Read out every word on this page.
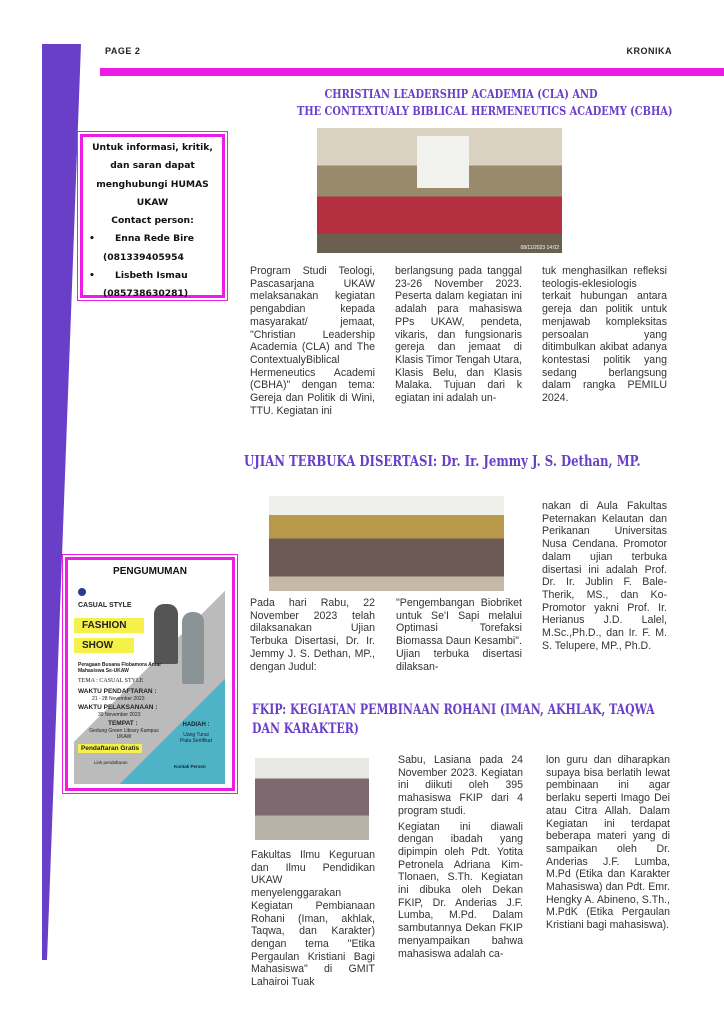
PAGE 2	KRONIKA
Untuk informasi, kritik,
dan saran dapat
menghubungi HUMAS
UKAW
Contact person:
• Enna Rede Bire
(081339405954
• Lisbeth Ismau
(085738630281)
PENGUMUMAN
CASUAL STYLE
FASHION
SHOW
Peragaan Busana Flobamora Antar Mahasiswa Se-UKAW
TEMA : CASUAL STYLE
WAKTU PENDAFTARAN :
21 - 28 November 2023
WAKTU PELAKSANAAN :
30 November 2023
TEMPAT :
Gedung Green Library Kampus UKAW
Pendaftaran Gratis
Link pendaftaran
HADIAH :
Uang Tunai Piala Sertifikat
Kontak Person
CHRISTIAN LEADERSHIP ACADEMIA (CLA) AND
THE CONTEXTUALY BIBLICAL HERMENEUTICS ACADEMY (CBHA)
08/11/2023 14:02
Program Studi Teologi, Pascasarjana UKAW melaksanakan kegiatan pengabdian kepada masyarakat/ jemaat, "Christian Leadership Academia (CLA) and The ContextualyBiblical Hermeneutics Academi (CBHA)" dengan tema: Gereja dan Politik di Wini, TTU. Kegiatan ini
berlangsung pada tanggal 23-26 November 2023. Peserta dalam kegiatan ini adalah para mahasiswa PPs UKAW, pendeta, vikaris, dan fungsionaris gereja dan jemaat di Klasis Timor Tengah Utara, Klasis Belu, dan Klasis Malaka. Tujuan dari k egiatan ini adalah un-
tuk menghasilkan refleksi teologis-eklesiologis terkait hubungan antara gereja dan politik untuk menjawab kompleksitas persoalan yang ditimbulkan akibat adanya kontestasi politik yang sedang berlangsung dalam rangka PEMILU 2024.
UJIAN TERBUKA DISERTASI: Dr. Ir. Jemmy J. S. Dethan, MP.
Pada hari Rabu, 22 November 2023 telah dilaksanakan Ujian Terbuka Disertasi, Dr. Ir. Jemmy J. S. Dethan, MP., dengan Judul:
"Pengembangan Biobriket untuk Se'I Sapi melalui Optimasi Torefaksi Biomassa Daun Kesambi". Ujian terbuka disertasi dilaksan-
nakan di Aula Fakultas Peternakan Kelautan dan Perikanan Universitas Nusa Cendana. Promotor dalam ujian terbuka disertasi ini adalah Prof. Dr. Ir. Jublin F. Bale-Therik, MS., dan Ko- Promotor yakni Prof. Ir. Herianus J.D. Lalel, M.Sc.,Ph.D., dan Ir. F. M. S. Telupere, MP., Ph.D.
FKIP: KEGIATAN PEMBINAAN ROHANI (IMAN, AKHLAK, TAQWA DAN KARAKTER)
Fakultas Ilmu Keguruan dan Ilmu Pendidikan UKAW menyelenggarakan Kegiatan Pembianaan Rohani (Iman, akhlak, Taqwa, dan Karakter) dengan tema "Etika Pergaulan Kristiani Bagi Mahasiswa" di GMIT Lahairoi Tuak

Sabu, Lasiana pada 24 November 2023. Kegiatan ini diikuti oleh 395 mahasiswa FKIP dari 4 program studi.

Kegiatan ini diawali dengan ibadah yang dipimpin oleh Pdt. Yotita Petronela Adriana Kim-Tlonaen, S.Th. Kegiatan ini dibuka oleh Dekan FKIP, Dr. Anderias J.F. Lumba, M.Pd. Dalam sambutannya Dekan FKIP menyampaikan bahwa mahasiswa adalah ca-

lon guru dan diharapkan supaya bisa berlatih lewat pembinaan ini agar berlaku seperti Imago Dei atau Citra Allah. Dalam Kegiatan ini terdapat beberapa materi yang di sampaikan oleh Dr. Anderias J.F. Lumba, M.Pd (Etika dan Karakter Mahasiswa) dan Pdt. Emr. Hengky A. Abineno, S.Th., M.PdK (Etika Pergaulan Kristiani bagi mahasiswa).
